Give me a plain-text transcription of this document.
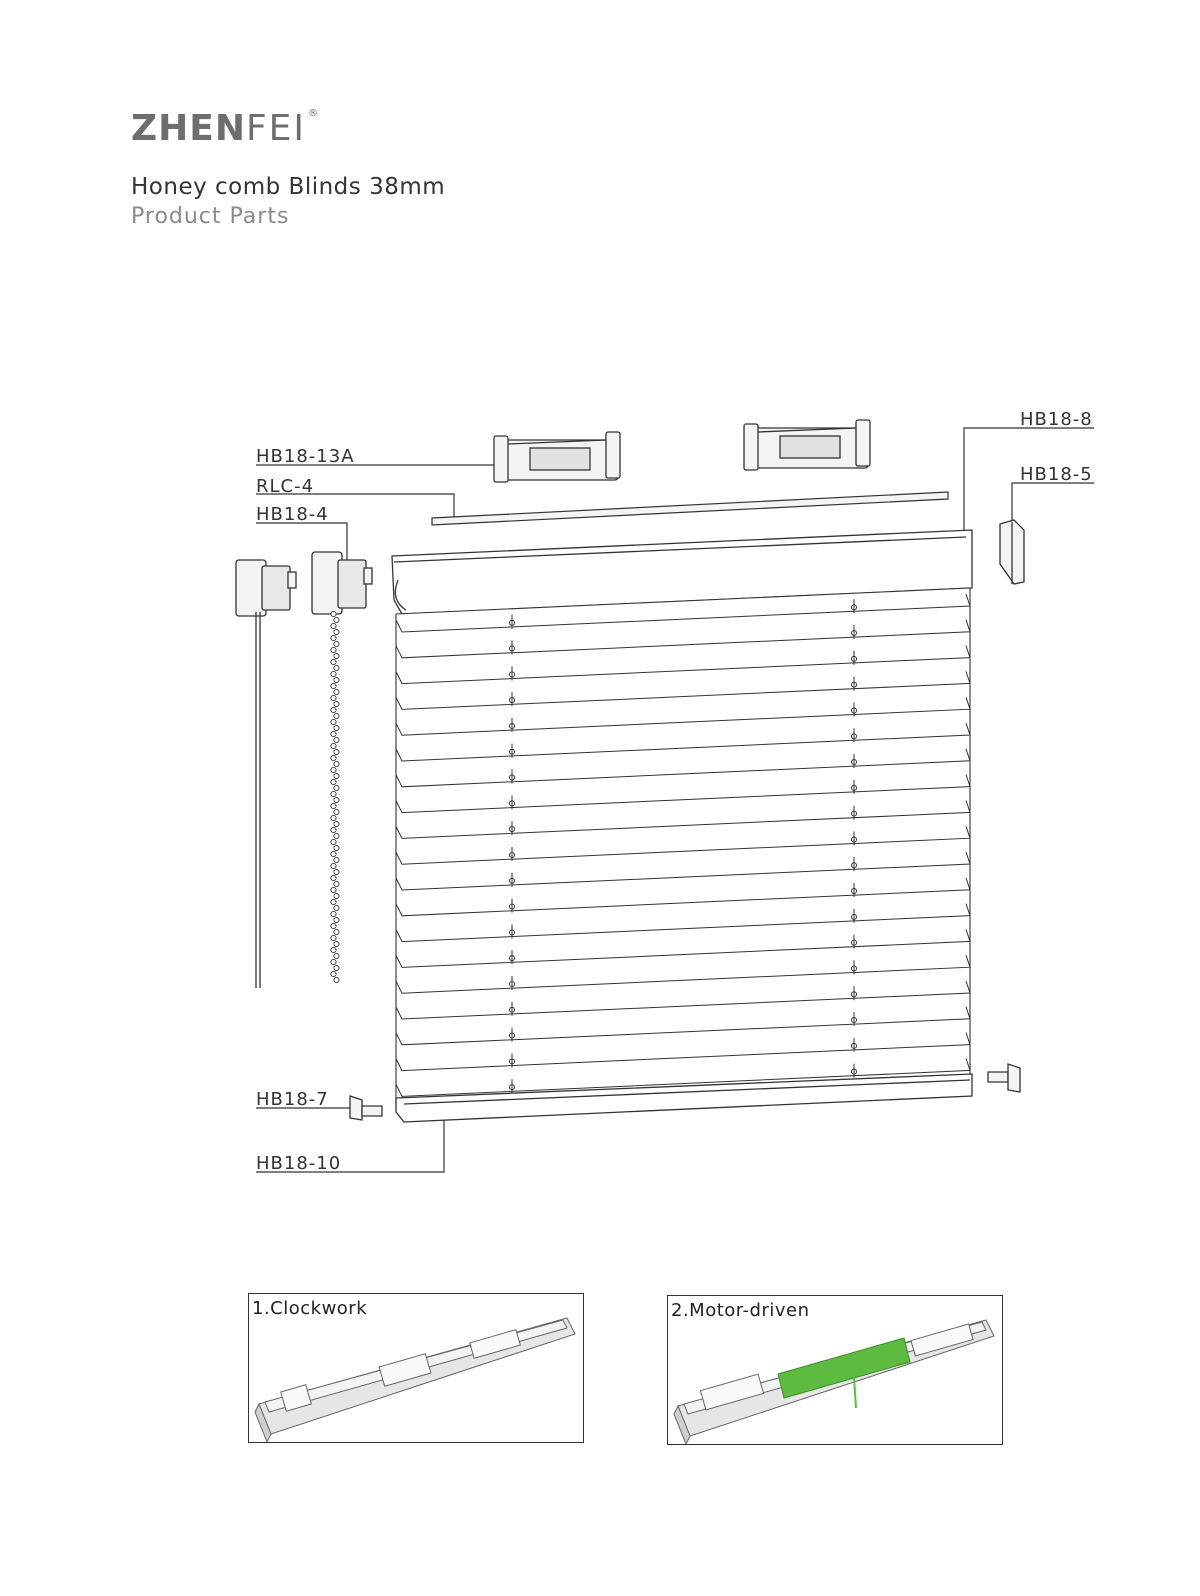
ZHENFEI ®
Honey comb Blinds 38mm
Product Parts
HB18-13A
RLC-4
HB18-4
HB18-8
HB18-5
HB18-7
HB18-10
1.Clockwork	2.Motor-driven
